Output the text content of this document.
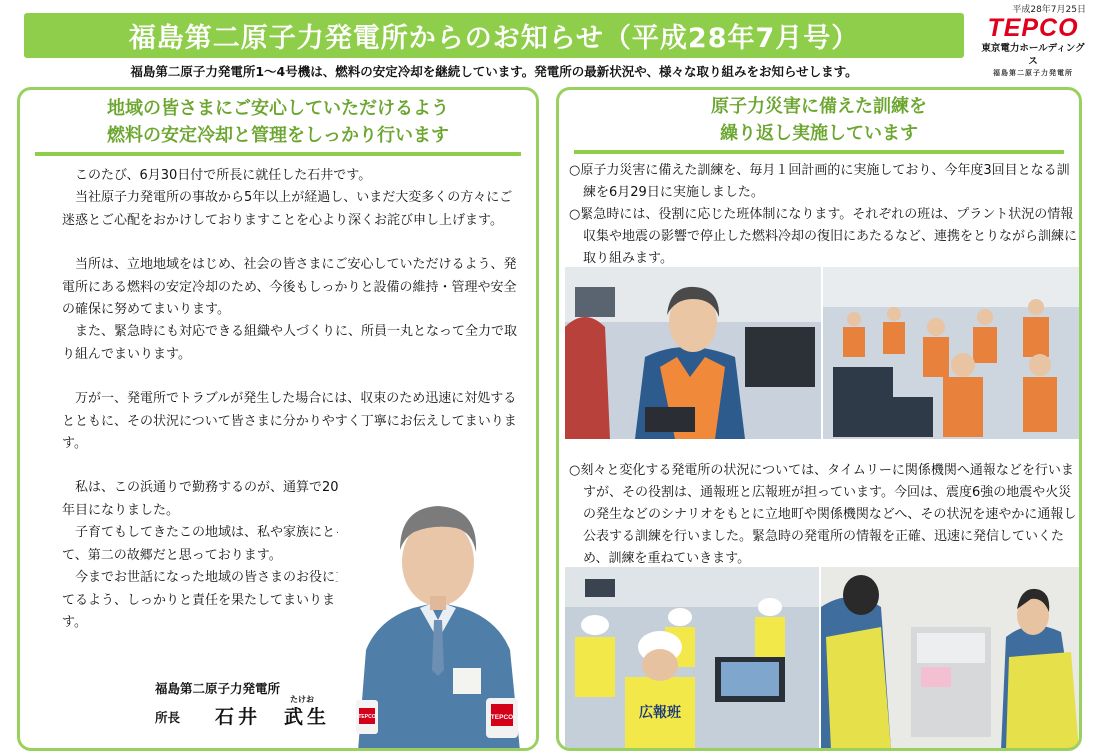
福島第二原子力発電所からのお知らせ（平成28年7月号）
平成28年7月25日
TEPCO
東京電力ホールディングス
福島第二原子力発電所
福島第二原子力発電所1～4号機は、燃料の安定冷却を継続しています。発電所の最新状況や、様々な取り組みをお知らせします。
地域の皆さまにご安心していただけるよう
燃料の安定冷却と管理をしっかり行います

このたび、6月30日付で所長に就任した石井です。

当社原子力発電所の事故から5年以上が経過し、いまだ大変多くの方々にご迷惑とご心配をおかけしておりますことを心より深くお詫び申し上げます。

当所は、立地地域をはじめ、社会の皆さまにご安心していただけるよう、発電所にある燃料の安定冷却のため、今後もしっかりと設備の維持・管理や安全の確保に努めてまいります。

また、緊急時にも対応できる組織や人づくりに、所員一丸となって全力で取り組んでまいります。

万が一、発電所でトラブルが発生した場合には、収束のため迅速に対処するとともに、その状況について皆さまに分かりやすく丁寧にお伝えしてまいります。

私は、この浜通りで勤務するのが、通算で20年目になりました。

子育てもしてきたこの地域は、私や家族にとって、第二の故郷だと思っております。

今までお世話になった地域の皆さまのお役に立てるよう、しっかりと責任を果たしてまいります。

福島第二原子力発電所
所長
たけお
石井　武生	TEPCO
TEPCO
原子力災害に備えた訓練を
繰り返し実施しています

○原子力災害に備えた訓練を、毎月１回計画的に実施しており、今年度3回目となる訓練を6月29日に実施しました。

○緊急時には、役割に応じた班体制になります。それぞれの班は、プラント状況の情報収集や地震の影響で停止した燃料冷却の復旧にあたるなど、連携をとりながら訓練に取り組みます。

○刻々と変化する発電所の状況については、タイムリーに関係機関へ通報などを行いますが、その役割は、通報班と広報班が担っています。今回は、震度6強の地震や火災の発生などのシナリオをもとに立地町や関係機関などへ、その状況を速やかに通報し公表する訓練を行いました。緊急時の発電所の情報を正確、迅速に発信していくため、訓練を重ねていきます。

広報班
